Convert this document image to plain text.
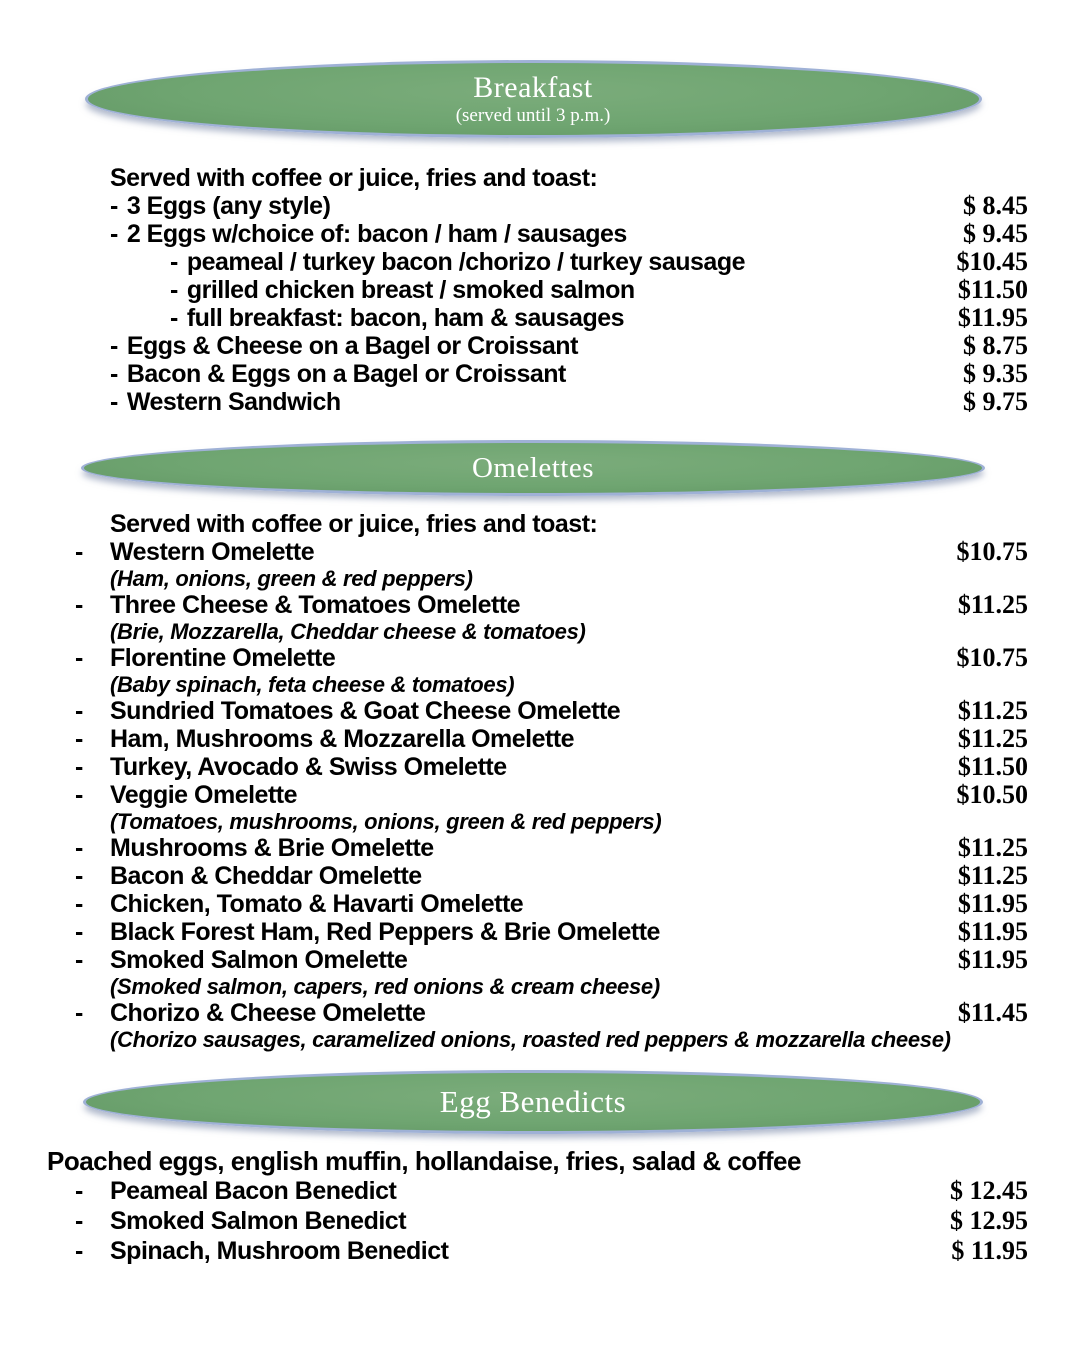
Breakfast
(served until 3 p.m.)
Served with coffee or juice, fries and toast:
- 3 Eggs (any style)	$ 8.45
- 2 Eggs w/choice of: bacon / ham / sausages	$ 9.45
- peameal / turkey bacon /chorizo / turkey sausage	$10.45
- grilled chicken breast / smoked salmon	$11.50
- full breakfast: bacon, ham & sausages	$11.95
- Eggs & Cheese on a Bagel or Croissant	$ 8.75
- Bacon & Eggs on a Bagel or Croissant	$ 9.35
- Western Sandwich	$ 9.75
Omelettes
Served with coffee or juice, fries and toast:
-	Western Omelette	$10.75
(Ham, onions, green & red peppers)
-	Three Cheese & Tomatoes Omelette	$11.25
(Brie, Mozzarella, Cheddar cheese & tomatoes)
-	Florentine Omelette	$10.75
(Baby spinach, feta cheese & tomatoes)
-	Sundried Tomatoes & Goat Cheese Omelette	$11.25
-	Ham, Mushrooms & Mozzarella Omelette	$11.25
-	Turkey, Avocado & Swiss Omelette	$11.50
-	Veggie Omelette	$10.50
(Tomatoes, mushrooms, onions, green & red peppers)
-	Mushrooms & Brie Omelette	$11.25
-	Bacon & Cheddar Omelette	$11.25
-	Chicken, Tomato & Havarti Omelette	$11.95
-	Black Forest Ham, Red Peppers & Brie Omelette	$11.95
-	Smoked Salmon Omelette	$11.95
(Smoked salmon, capers, red onions & cream cheese)
-	Chorizo & Cheese Omelette	$11.45
(Chorizo sausages, caramelized onions, roasted red peppers & mozzarella cheese)
Egg Benedicts
Poached eggs, english muffin, hollandaise, fries, salad & coffee
-	Peameal Bacon Benedict	$ 12.45
-	Smoked Salmon Benedict	$ 12.95
-	Spinach, Mushroom Benedict	$ 11.95
